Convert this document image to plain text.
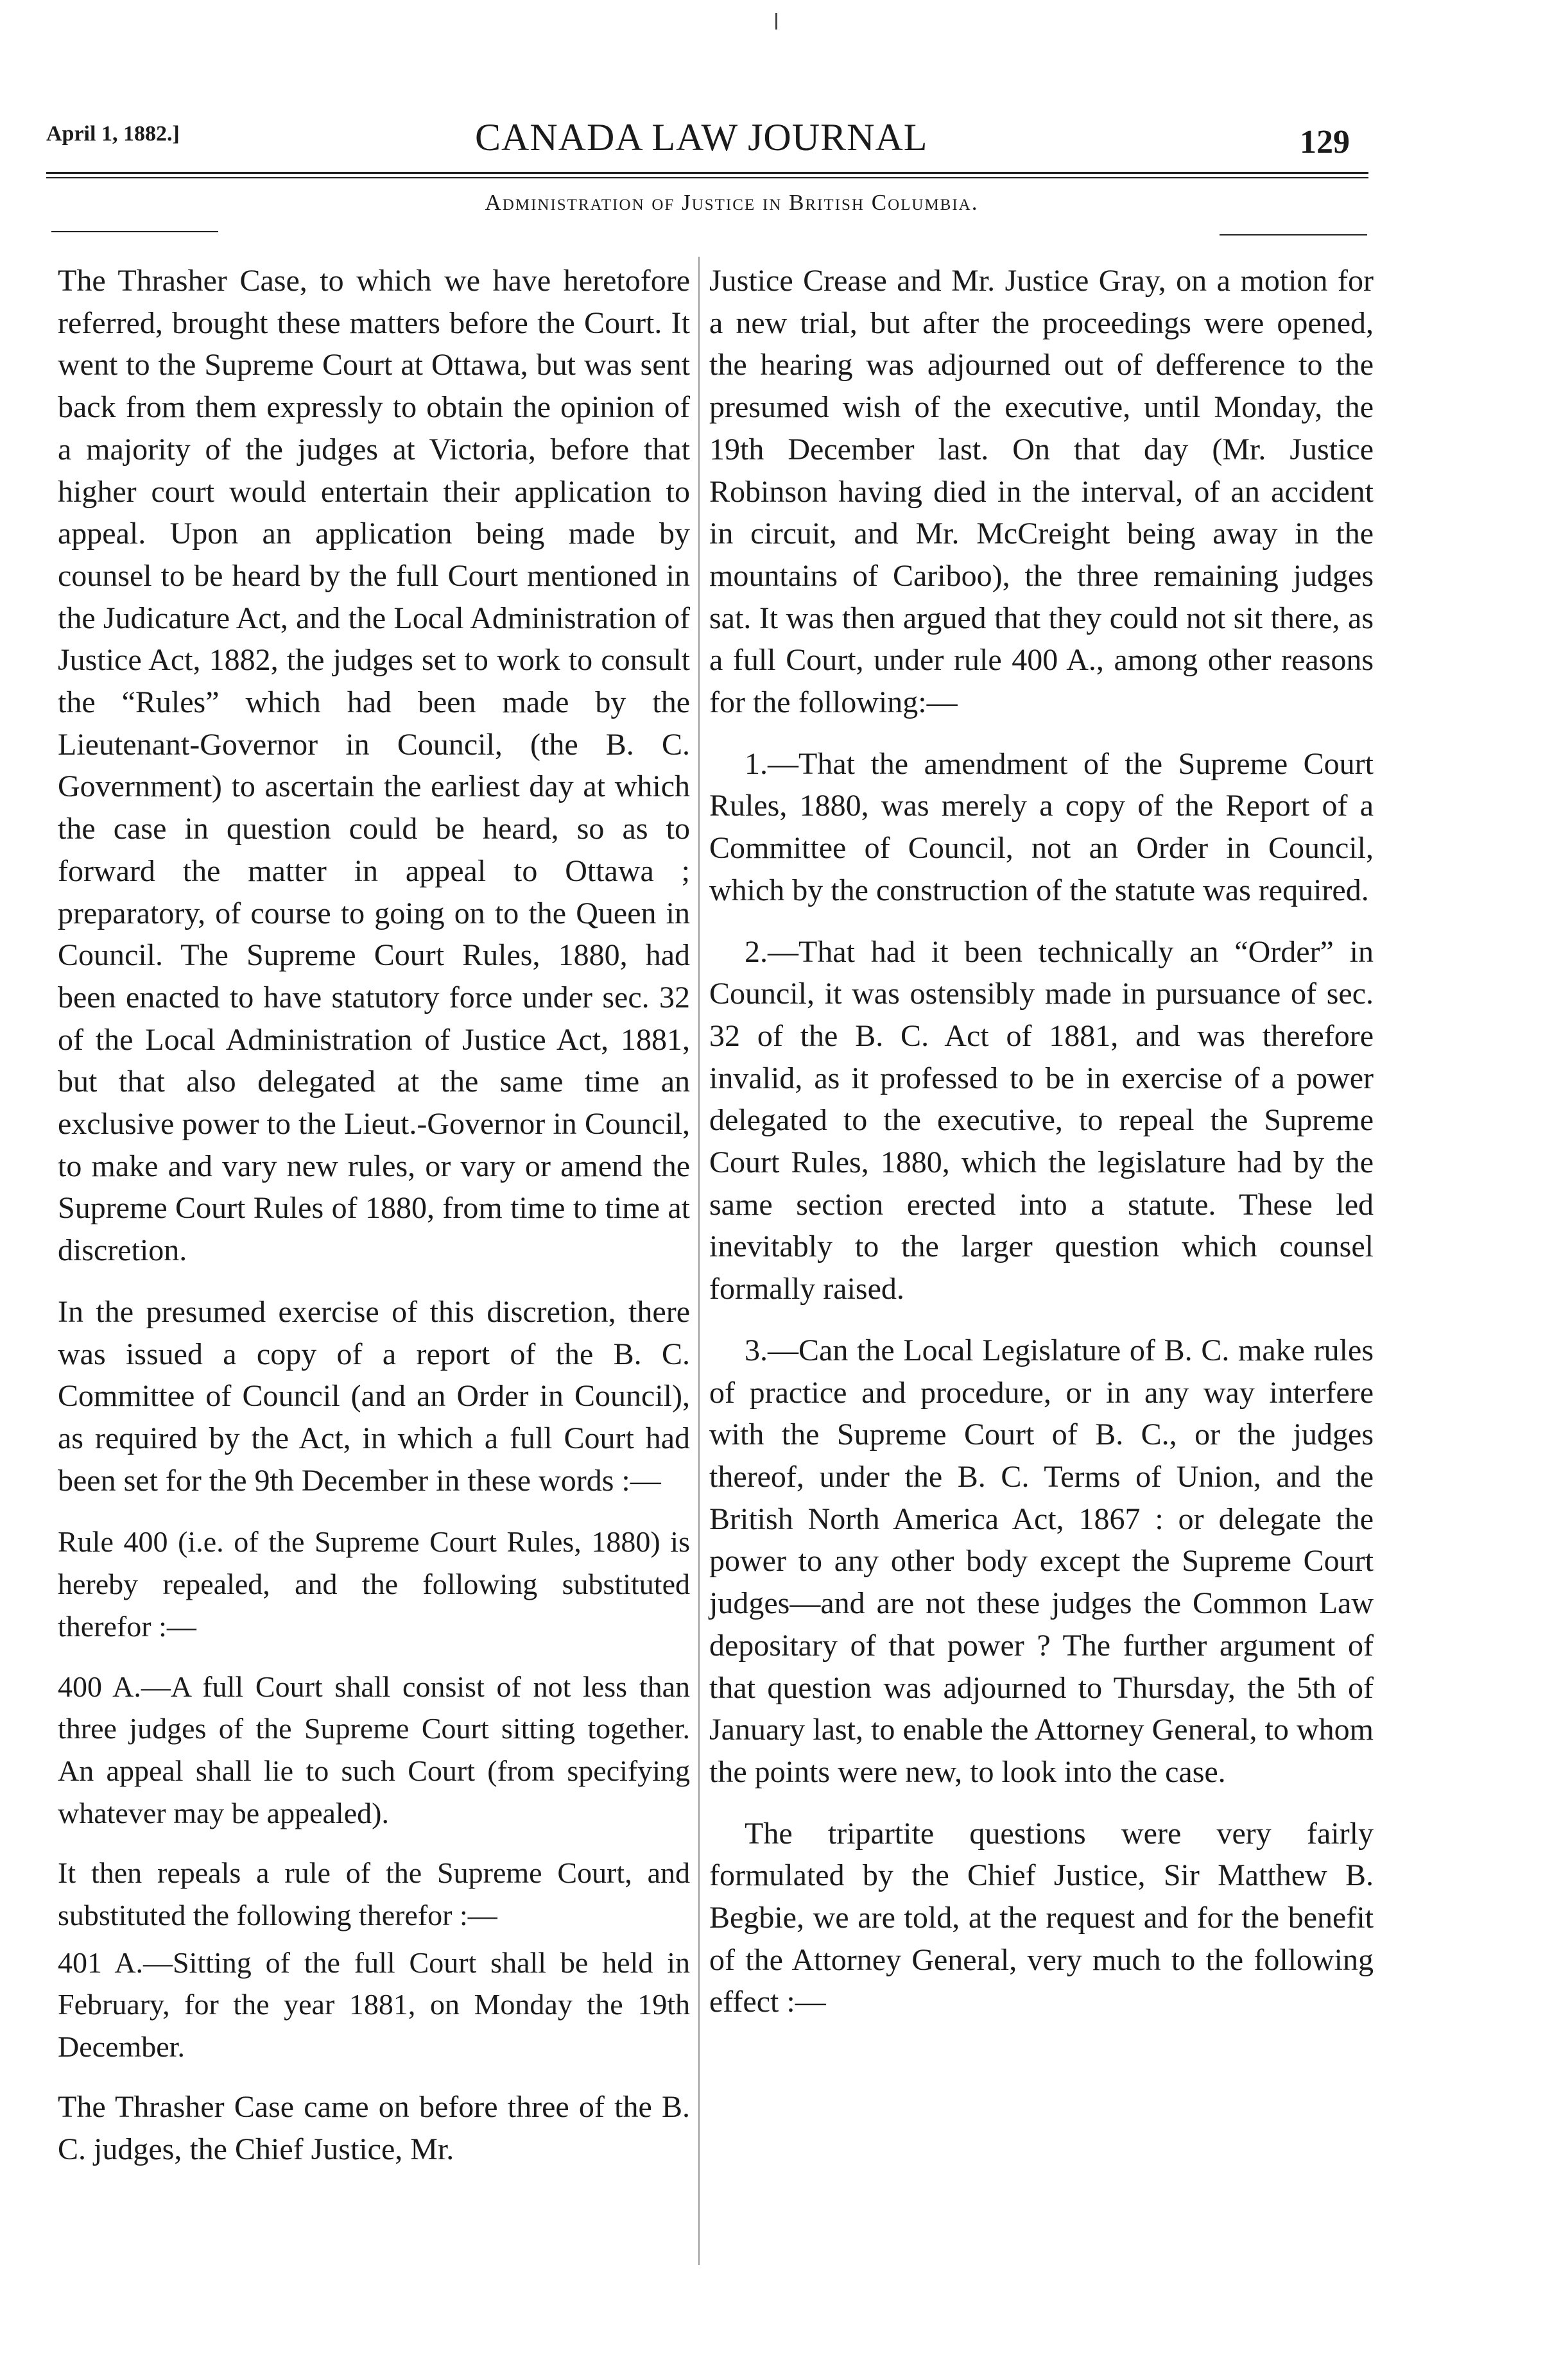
April 1, 1882.]	CANADA LAW JOURNAL	129
Administration of Justice in British Columbia.

The Thrasher Case, to which we have heretofore referred, brought these matters before the Court. It went to the Supreme Court at Ottawa, but was sent back from them expressly to obtain the opinion of a majority of the judges at Victoria, before that higher court would entertain their application to appeal. Upon an application being made by counsel to be heard by the full Court mentioned in the Judicature Act, and the Local Administration of Justice Act, 1882, the judges set to work to consult the “Rules” which had been made by the Lieutenant-Governor in Council, (the B. C. Government) to ascertain the earliest day at which the case in question could be heard, so as to forward the matter in appeal to Ottawa ; preparatory, of course to going on to the Queen in Council. The Supreme Court Rules, 1880, had been enacted to have statutory force under sec. 32 of the Local Administration of Justice Act, 1881, but that also delegated at the same time an exclusive power to the Lieut.-Governor in Council, to make and vary new rules, or vary or amend the Supreme Court Rules of 1880, from time to time at discretion.

In the presumed exercise of this discretion, there was issued a copy of a report of the B. C. Committee of Council (and an Order in Council), as required by the Act, in which a full Court had been set for the 9th December in these words :—

Rule 400 (i.e. of the Supreme Court Rules, 1880) is hereby repealed, and the following substituted therefor :—

400 A.—A full Court shall consist of not less than three judges of the Supreme Court sitting together. An appeal shall lie to such Court (from specifying whatever may be appealed).

It then repeals a rule of the Supreme Court, and substituted the following therefor :—

401 A.—Sitting of the full Court shall be held in February, for the year 1881, on Monday the 19th December.

The Thrasher Case came on before three of the B. C. judges, the Chief Justice, Mr.

Justice Crease and Mr. Justice Gray, on a motion for a new trial, but after the proceedings were opened, the hearing was adjourned out of defference to the presumed wish of the executive, until Monday, the 19th December last. On that day (Mr. Justice Robinson having died in the interval, of an accident in circuit, and Mr. McCreight being away in the mountains of Cariboo), the three remaining judges sat. It was then argued that they could not sit there, as a full Court, under rule 400 A., among other reasons for the following:—

1.—That the amendment of the Supreme Court Rules, 1880, was merely a copy of the Report of a Committee of Council, not an Order in Council, which by the construction of the statute was required.

2.—That had it been technically an “Order” in Council, it was ostensibly made in pursuance of sec. 32 of the B. C. Act of 1881, and was therefore invalid, as it professed to be in exercise of a power delegated to the executive, to repeal the Supreme Court Rules, 1880, which the legislature had by the same section erected into a statute. These led inevitably to the larger question which counsel formally raised.

3.—Can the Local Legislature of B. C. make rules of practice and procedure, or in any way interfere with the Supreme Court of B. C., or the judges thereof, under the B. C. Terms of Union, and the British North America Act, 1867 : or delegate the power to any other body except the Supreme Court judges—and are not these judges the Common Law depositary of that power ? The further argument of that question was adjourned to Thursday, the 5th of January last, to enable the Attorney General, to whom the points were new, to look into the case.

The tripartite questions were very fairly formulated by the Chief Justice, Sir Matthew B. Begbie, we are told, at the request and for the benefit of the Attorney General, very much to the following effect :—
